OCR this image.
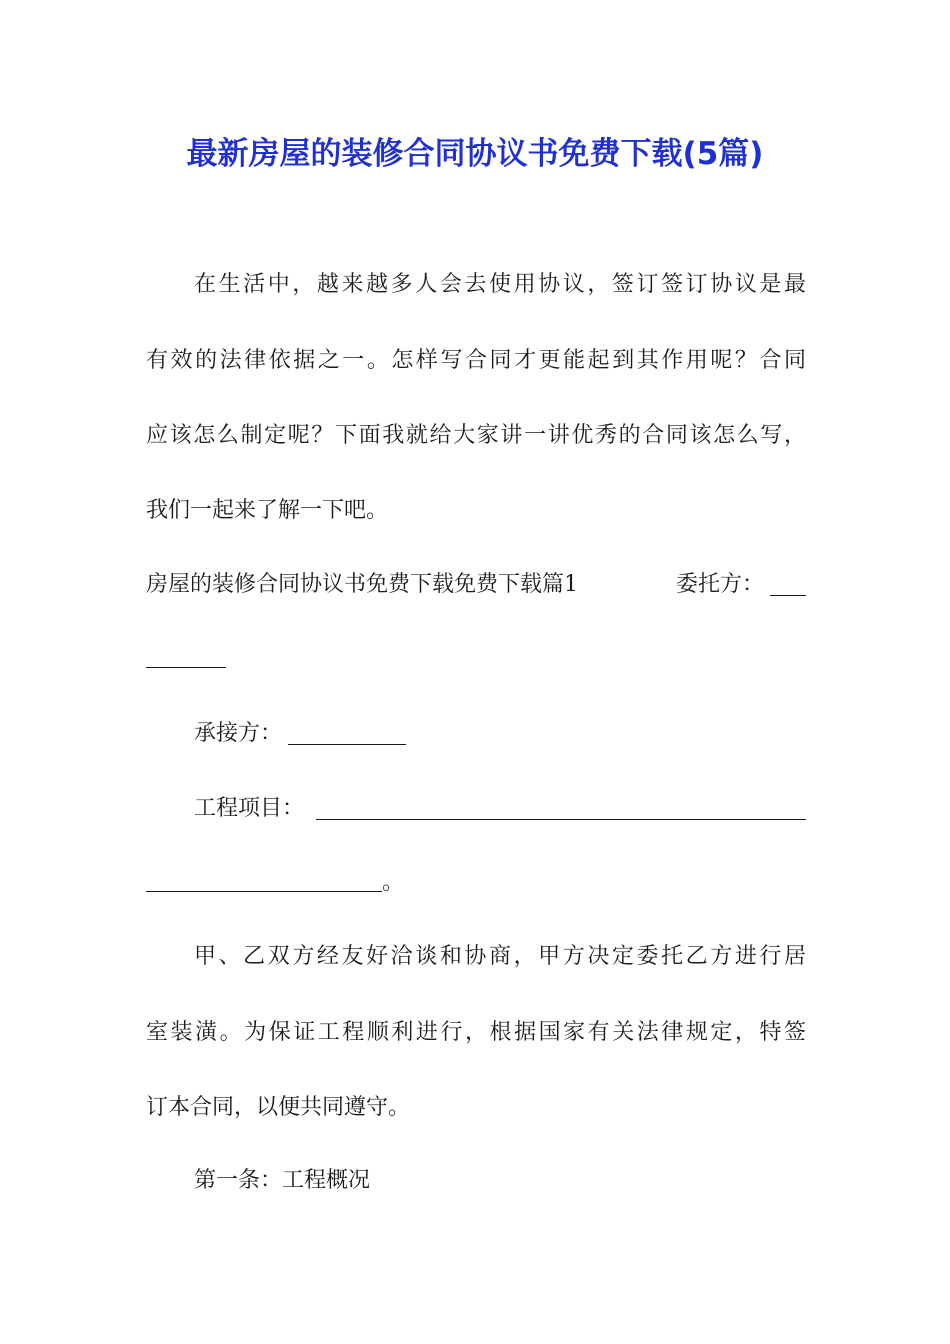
最新房屋的装修合同协议书免费下载(5篇)
在生活中，越来越多人会去使用协议，签订签订协议是最
有效的法律依据之一。怎样写合同才更能起到其作用呢？合同
应该怎么制定呢？下面我就给大家讲一讲优秀的合同该怎么写，
我们一起来了解一下吧。
房屋的装修合同协议书免费下载免费下载篇1	委托方：
承接方：
工程项目：
。
甲、乙双方经友好洽谈和协商，甲方决定委托乙方进行居
室装潢。为保证工程顺利进行，根据国家有关法律规定，特签
订本合同，以便共同遵守。
第一条：工程概况
